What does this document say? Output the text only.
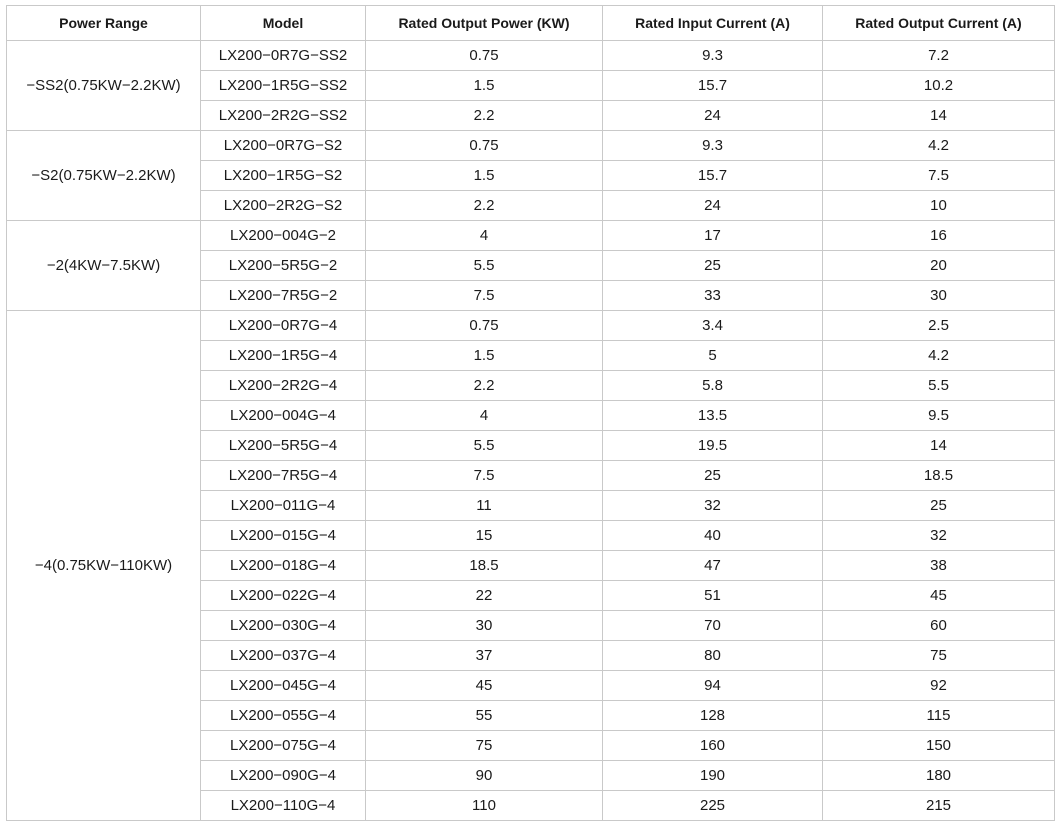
Power Range	Model	Rated Output Power (KW)	Rated Input Current (A)	Rated Output Current (A)
−SS2(0.75KW−2.2KW)	LX200−0R7G−SS2	0.75	9.3	7.2
	LX200−1R5G−SS2	1.5	15.7	10.2
	LX200−2R2G−SS2	2.2	24	14
−S2(0.75KW−2.2KW)	LX200−0R7G−S2	0.75	9.3	4.2
	LX200−1R5G−S2	1.5	15.7	7.5
	LX200−2R2G−S2	2.2	24	10
−2(4KW−7.5KW)	LX200−004G−2	4	17	16
	LX200−5R5G−2	5.5	25	20
	LX200−7R5G−2	7.5	33	30
−4(0.75KW−110KW)	LX200−0R7G−4	0.75	3.4	2.5
	LX200−1R5G−4	1.5	5	4.2
	LX200−2R2G−4	2.2	5.8	5.5
	LX200−004G−4	4	13.5	9.5
	LX200−5R5G−4	5.5	19.5	14
	LX200−7R5G−4	7.5	25	18.5
	LX200−011G−4	11	32	25
	LX200−015G−4	15	40	32
	LX200−018G−4	18.5	47	38
	LX200−022G−4	22	51	45
	LX200−030G−4	30	70	60
	LX200−037G−4	37	80	75
	LX200−045G−4	45	94	92
	LX200−055G−4	55	128	115
	LX200−075G−4	75	160	150
	LX200−090G−4	90	190	180
	LX200−110G−4	110	225	215
